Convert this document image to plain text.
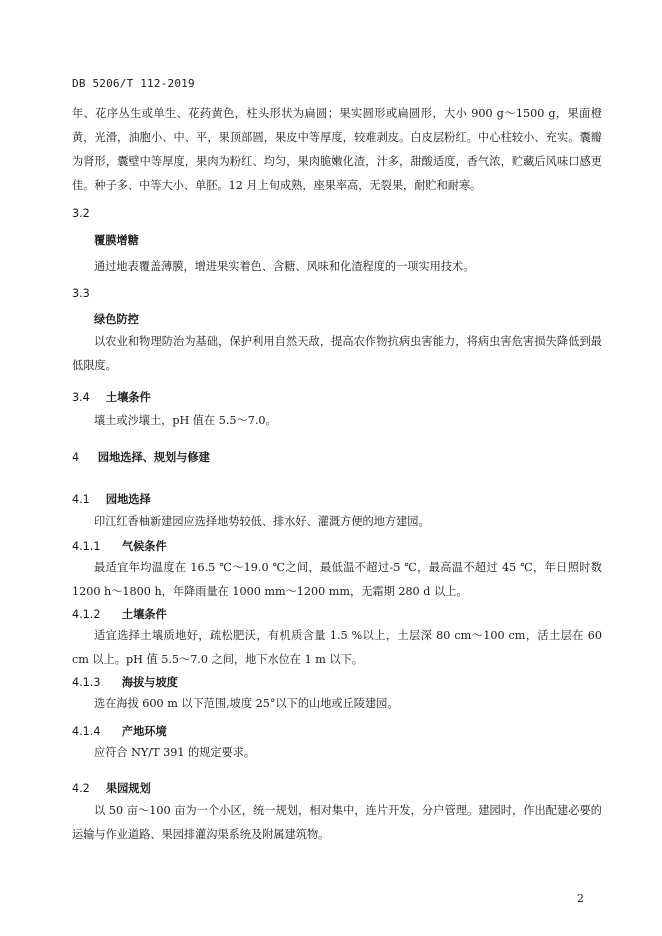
DB 5206/T 112-2019

年、花序丛生或单生、花药黄色，柱头形状为扁圆；果实圆形或扁圆形，大小 900 g～1500 g，果面橙黄，光滑，油胞小、中、平，果顶部圆，果皮中等厚度，较难剥皮。白皮层粉红。中心柱较小、充实。囊瓣为肾形，囊壁中等厚度，果肉为粉红、均匀，果肉脆嫩化渣，汁多，甜酸适度，香气浓，贮藏后风味口感更佳。种子多、中等大小、单胚。12 月上旬成熟，座果率高，无裂果，耐贮和耐寒。

3.2
覆膜增糖

通过地表覆盖薄膜，增进果实着色、含糖、风味和化渣程度的一项实用技术。

3.3
绿色防控

以农业和物理防治为基础，保护利用自然天敌，提高农作物抗病虫害能力，将病虫害危害损失降低到最低限度。

3.4 土壤条件

壤土或沙壤土，pH 值在 5.5～7.0。

4 园地选择、规划与修建
4.1 园地选择

印江红香柚新建园应选择地势较低、排水好、灌溉方便的地方建园。

4.1.1 气候条件

最适宜年均温度在 16.5 ℃～19.0 ℃之间，最低温不超过-5 ℃，最高温不超过 45 ℃，年日照时数 1200 h～1800 h，年降雨量在 1000 mm～1200 mm，无霜期 280 d 以上。

4.1.2 土壤条件

适宜选择土壤质地好，疏松肥沃，有机质含量 1.5 %以上，土层深 80 cm～100 cm，活土层在 60 cm 以上。pH 值 5.5～7.0 之间，地下水位在 1 m 以下。

4.1.3 海拔与坡度

选在海拔 600 m 以下范围,坡度 25°以下的山地或丘陵建园。

4.1.4 产地环境

应符合 NY/T 391 的规定要求。

4.2 果园规划

以 50 亩～100 亩为一个小区，统一规划，相对集中，连片开发，分户管理。建园时，作出配建必要的运输与作业道路、果园排灌沟渠系统及附属建筑物。

2
